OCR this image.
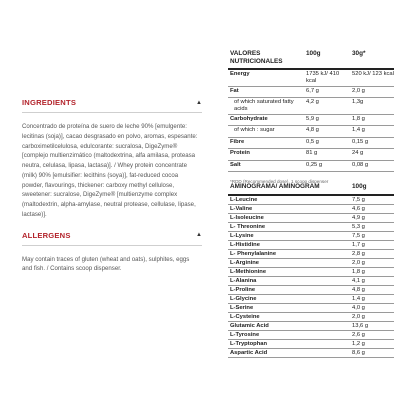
INGREDIENTS	▲

Concentrado de proteína de suero de leche 90% [emulgente: lecitinas (soja)], cacao desgrasado en polvo, aromas, espesante: carboximetilcelulosa, edulcorante: sucralosa, DigeZyme® [complejo multienzimático (maltodextrina, alfa amilasa, proteasa neutra, celulasa, lipasa, lactasa)]. / Whey protein concentrate (milk) 90% [emulsifier: lecithins (soya)], fat-reduced cocoa powder, flavourings, thickener: carboxy methyl cellulose, sweetener: sucralose, DigeZyme® [multienzyme complex (maltodextrin, alpha-amylase, neutral protease, cellulase, lipase, lactase)].

ALLERGENS	▲

May contain traces of gluten (wheat and oats), sulphites, eggs and fish. / Contains scoop dispenser.

VALORES NUTRICIONALES	100g	30g*
Energy	1735 kJ/ 410 kcal	520 kJ/ 123 kcal
Fat	6,7 g	2,0 g
of which saturated fatty acids	4,2 g	1,3g
Carbohydrate	5,9 g	1,8 g
of which : sugar	4,8 g	1,4 g
Fibre	0,5 g	0,15 g
Protein	81 g	24 g
Salt	0,25 g	0,08 g
*RDD (Recommended dose). 1 scoop dispenser
AMINOGRAMA/ AMINOGRAM	100g
L-Leucine	7,5 g
L-Valine	4,6 g
L-Isoleucine	4,9 g
L- Threonine	5,3 g
L-Lysine	7,5 g
L-Histidine	1,7 g
L- Phenylalanine	2,8 g
L-Arginine	2,0 g
L-Methionine	1,8 g
L-Alanina	4,1 g
L-Proline	4,8 g
L-Glycine	1,4 g
L-Serine	4,0 g
L-Cysteine	2,0 g
Glutamic Acid	13,6 g
L-Tyrosine	2,6 g
L-Tryptophan	1,2 g
Aspartic Acid	8,6 g
